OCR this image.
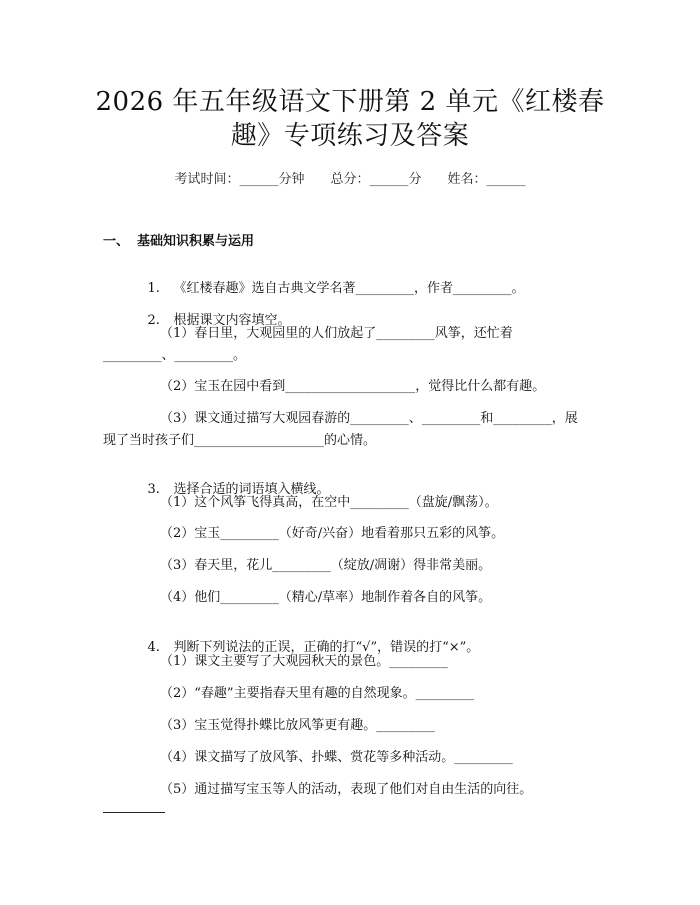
2026 年五年级语文下册第 2 单元《红楼春
趣》专项练习及答案
考试时间：______分钟　　总分：______分　　姓名：______
一、 基础知识积累与运用

1. 《红楼春趣》选自古典文学名著_________，作者_________。

2. 根据课文内容填空。

（1）春日里，大观园里的人们放起了_________风筝，还忙着
_________、_________。
（2）宝玉在园中看到____________________，觉得比什么都有趣。
（3）课文通过描写大观园春游的_________、_________和_________，展
现了当时孩子们____________________的心情。

3. 选择合适的词语填入横线。

（1）这个风筝飞得真高，在空中_________（盘旋/飘荡）。
（2）宝玉_________（好奇/兴奋）地看着那只五彩的风筝。
（3）春天里，花儿_________（绽放/凋谢）得非常美丽。
（4）他们_________（精心/草率）地制作着各自的风筝。

4. 判断下列说法的正误，正确的打“√”，错误的打“×”。

（1）课文主要写了大观园秋天的景色。_________
（2）“春趣”主要指春天里有趣的自然现象。_________
（3）宝玉觉得扑蝶比放风筝更有趣。_________
（4）课文描写了放风筝、扑蝶、赏花等多种活动。_________
（5）通过描写宝玉等人的活动，表现了他们对自由生活的向往。
